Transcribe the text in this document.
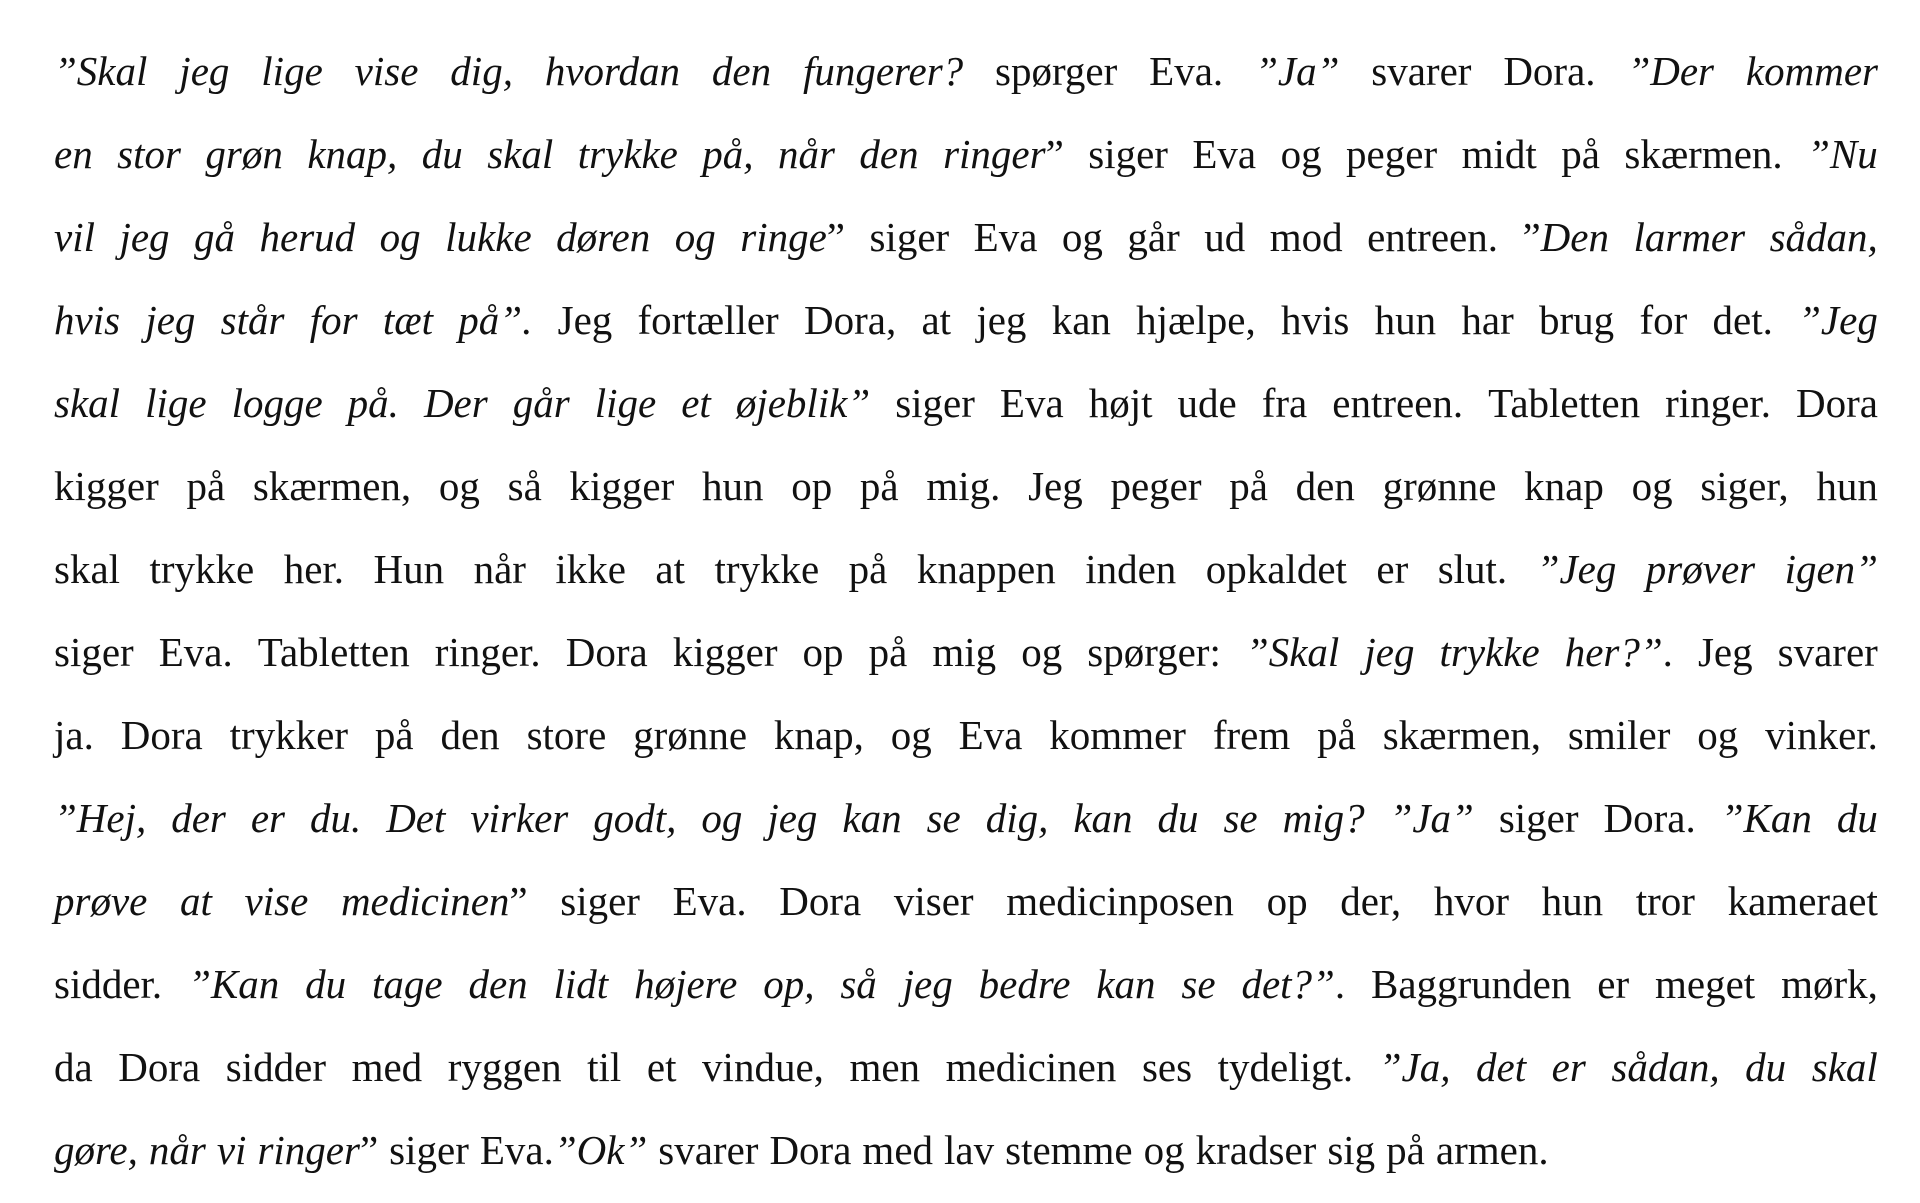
”Skal jeg lige vise dig, hvordan den fungerer? spørger Eva. ”Ja” svarer Dora. ”Der kommer
en stor grøn knap, du skal trykke på, når den ringer” siger Eva og peger midt på skærmen. ”Nu
vil jeg gå herud og lukke døren og ringe” siger Eva og går ud mod entreen. ”Den larmer sådan,
hvis jeg står for tæt på”. Jeg fortæller Dora, at jeg kan hjælpe, hvis hun har brug for det. ”Jeg
skal lige logge på. Der går lige et øjeblik” siger Eva højt ude fra entreen. Tabletten ringer. Dora
kigger på skærmen, og så kigger hun op på mig. Jeg peger på den grønne knap og siger, hun
skal trykke her. Hun når ikke at trykke på knappen inden opkaldet er slut. ”Jeg prøver igen”
siger Eva. Tabletten ringer. Dora kigger op på mig og spørger: ”Skal jeg trykke her?”. Jeg svarer
ja. Dora trykker på den store grønne knap, og Eva kommer frem på skærmen, smiler og vinker.
”Hej, der er du. Det virker godt, og jeg kan se dig, kan du se mig? ”Ja” siger Dora. ”Kan du
prøve at vise medicinen” siger Eva. Dora viser medicinposen op der, hvor hun tror kameraet
sidder. ”Kan du tage den lidt højere op, så jeg bedre kan se det?”. Baggrunden er meget mørk,
da Dora sidder med ryggen til et vindue, men medicinen ses tydeligt. ”Ja, det er sådan, du skal
gøre, når vi ringer” siger Eva. ”Ok” svarer Dora med lav stemme og kradser sig på armen.
